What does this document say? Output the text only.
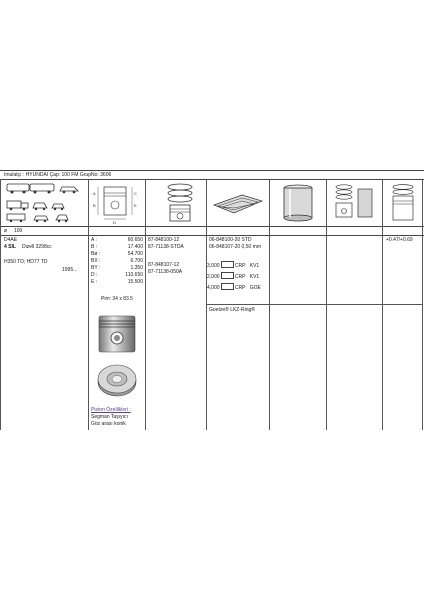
Imalatçı : HYUNDAI Çap: 100 FM GrupNo: 3606
A
B
C
E
D
ø 100
D4AE
4 SIL Dizell 3298cc
H350 TD; HD77 TD
1995...
A :	60.650
B :	17.400
Bø :	54.700
BX :	6.700
BY :	1.350
D :	110.650
E :	15.500
Pim: 34 x 83.5
Piston Özellikleri :
Segman Taşıyıcı
Göz arası konik
87-848100-12
87-71138-STDA
87-848107-12
87-71138-050A
06-848100-20 STD
06-848107-20 0,50 mm
3,000	CRP KV1
2,000	CRP KV1
4,000	CRP GOE
Goetze® LKZ-Ring®
+0.47/+0.69
